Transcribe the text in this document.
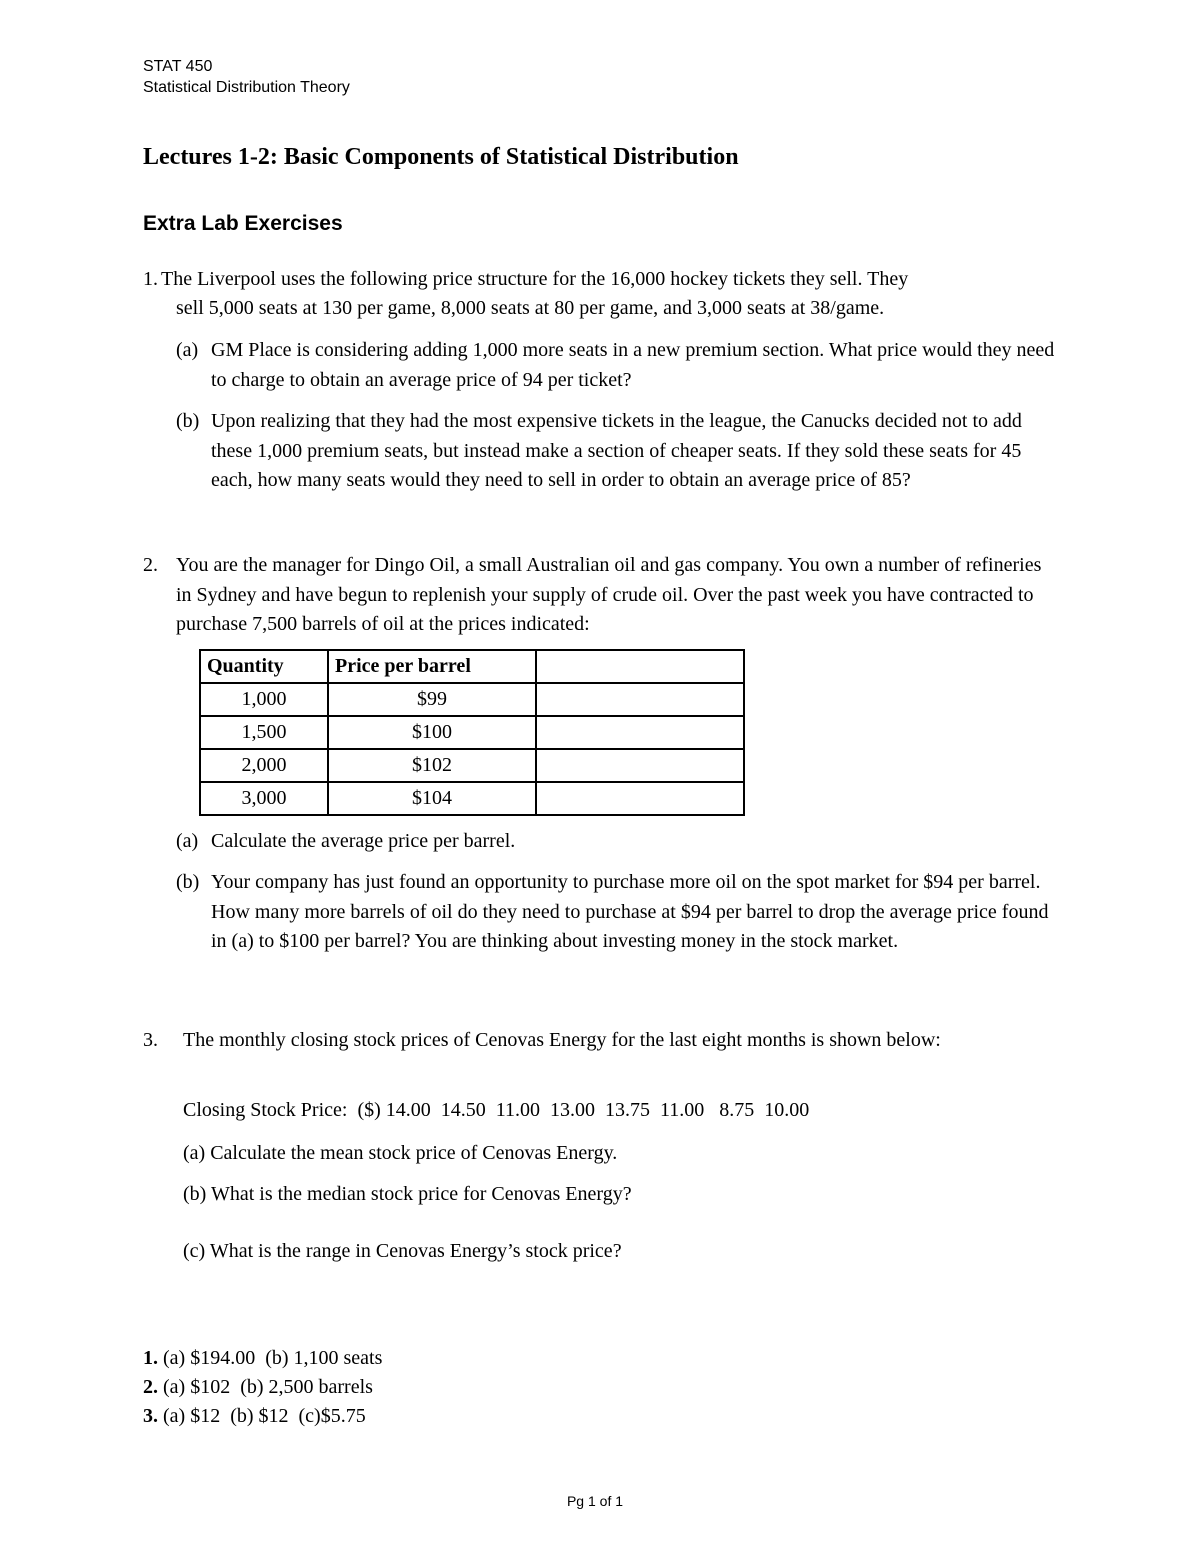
STAT 450
Statistical Distribution Theory
Lectures 1-2: Basic Components of Statistical Distribution
Extra Lab Exercises
1. The Liverpool uses the following price structure for the 16,000 hockey tickets they sell. They
sell 5,000 seats at 130 per game, 8,000 seats at 80 per game, and 3,000 seats at 38/game.
(a) GM Place is considering adding 1,000 more seats in a new premium section. What price would they need to charge to obtain an average price of 94 per ticket?
(b) Upon realizing that they had the most expensive tickets in the league, the Canucks decided not to add these 1,000 premium seats, but instead make a section of cheaper seats. If they sold these seats for 45 each, how many seats would they need to sell in order to obtain an average price of 85?
2. You are the manager for Dingo Oil, a small Australian oil and gas company. You own a number of refineries in Sydney and have begun to replenish your supply of crude oil. Over the past week you have contracted to purchase 7,500 barrels of oil at the prices indicated:
Quantity	Price per barrel	
1,000	$99	
1,500	$100	
2,000	$102	
3,000	$104	
(a) Calculate the average price per barrel.
(b) Your company has just found an opportunity to purchase more oil on the spot market for $94 per barrel. How many more barrels of oil do they need to purchase at $94 per barrel to drop the average price found in (a) to $100 per barrel? You are thinking about investing money in the stock market.
3. The monthly closing stock prices of Cenovas Energy for the last eight months is shown below:
Closing Stock Price:  ($) 14.00  14.50  11.00  13.00  13.75  11.00   8.75  10.00
(a) Calculate the mean stock price of Cenovas Energy.
(b) What is the median stock price for Cenovas Energy?
(c) What is the range in Cenovas Energy’s stock price?
1. (a) $194.00  (b) 1,100 seats
2. (a) $102  (b) 2,500 barrels
3. (a) $12  (b) $12  (c)$5.75
Pg 1 of 1
